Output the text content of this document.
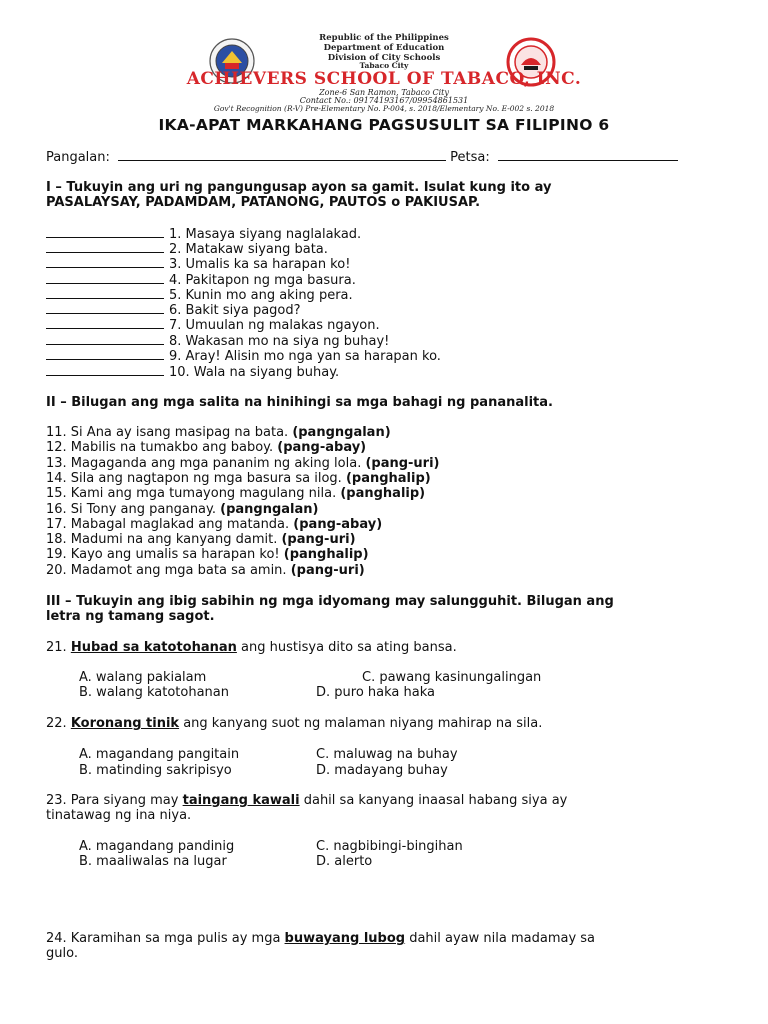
Republic of the Philippines
Department of Education
Division of City Schools
Tabaco City
ACHIEVERS SCHOOL OF TABACO, INC.
Zone-6 San Ramon, Tabaco City
Contact No.: 09174193167/09954861531
Gov't Recognition (R-V) Pre-Elementary No. P-004, s. 2018/Elementary No. E-002 s. 2018
IKA-APAT MARKAHANG PAGSUSULIT SA FILIPINO 6
Pangalan:	Petsa:
I – Tukuyin ang uri ng pangungusap ayon sa gamit. Isulat kung ito ay
PASALAYSAY, PADAMDAM, PATANONG, PAUTOS o PAKIUSAP.
1. Masaya siyang naglalakad.
2. Matakaw siyang bata.
3. Umalis ka sa harapan ko!
4. Pakitapon ng mga basura.
5. Kunin mo ang aking pera.
6. Bakit siya pagod?
7. Umuulan ng malakas ngayon.
8. Wakasan mo na siya ng buhay!
9. Aray! Alisin mo nga yan sa harapan ko.
10. Wala na siyang buhay.
II – Bilugan ang mga salita na hinihingi sa mga bahagi ng pananalita.
11. Si Ana ay isang masipag na bata. (pangngalan)
12. Mabilis na tumakbo ang baboy. (pang-abay)
13. Magaganda ang mga pananim ng aking lola. (pang-uri)
14. Sila ang nagtapon ng mga basura sa ilog. (panghalip)
15. Kami ang mga tumayong magulang nila. (panghalip)
16. Si Tony ang panganay. (pangngalan)
17. Mabagal maglakad ang matanda. (pang-abay)
18. Madumi na ang kanyang damit. (pang-uri)
19. Kayo ang umalis sa harapan ko! (panghalip)
20. Madamot ang mga bata sa amin. (pang-uri)
III – Tukuyin ang ibig sabihin ng mga idyomang may salungguhit. Bilugan ang
letra ng tamang sagot.
21. Hubad sa katotohanan ang hustisya dito sa ating bansa.
A. walang pakialam
B. walang katotohanan
C. pawang kasinungalingan
D. puro haka haka
22. Koronang tinik ang kanyang suot ng malaman niyang mahirap na sila.
A. magandang pangitain
B. matinding sakripisyo
C. maluwag na buhay
D. madayang buhay
23. Para siyang may taingang kawali dahil sa kanyang inaasal habang siya ay
tinatawag ng ina niya.
A. magandang pandinig
B. maaliwalas na lugar
C. nagbibingi-bingihan
D. alerto
24. Karamihan sa mga pulis ay mga buwayang lubog dahil ayaw nila madamay sa
gulo.
